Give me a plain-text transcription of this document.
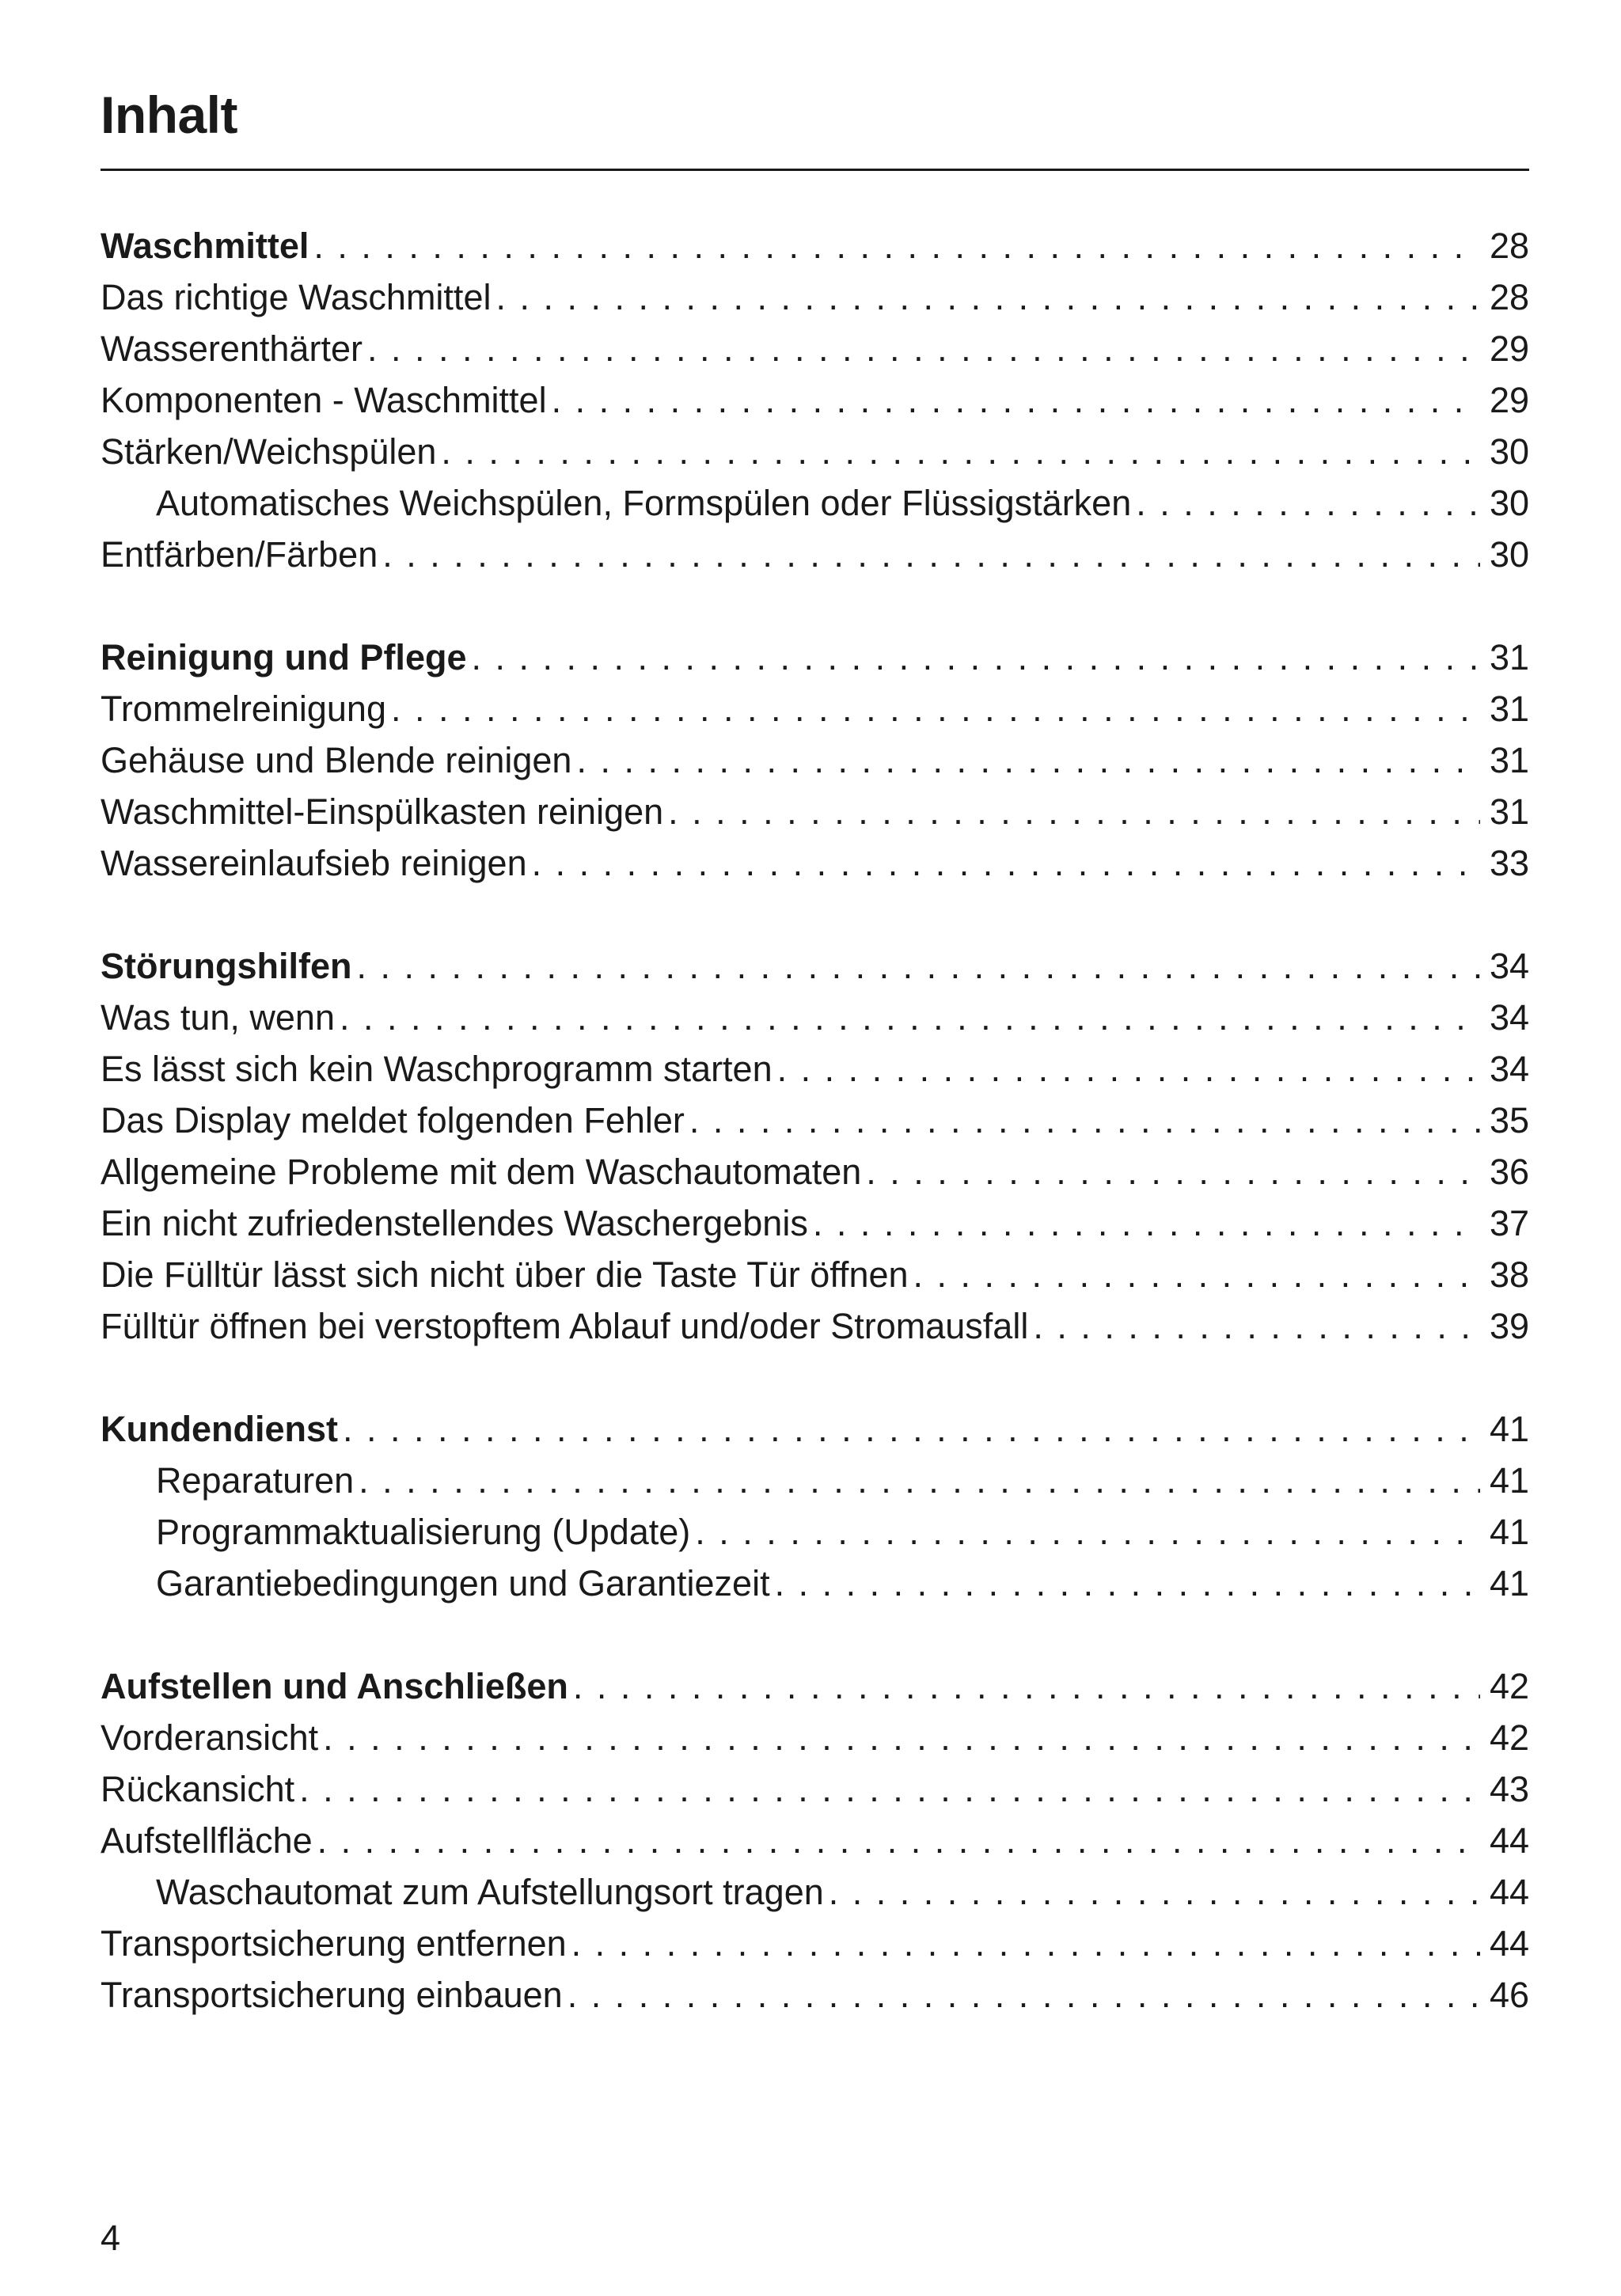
Inhalt
Waschmittel . . .	28
Das richtige Waschmittel . . .	28
Wasserenthärter . . .	29
Komponenten - Waschmittel . . .	29
Stärken/Weichspülen . . .	30
Automatisches Weichspülen, Formspülen oder Flüssigstärken . . .	30
Entfärben/Färben . . .	30
Reinigung und Pflege . . .	31
Trommelreinigung . . .	31
Gehäuse und Blende reinigen . . .	31
Waschmittel-Einspülkasten reinigen . . .	31
Wassereinlaufsieb reinigen . . .	33
Störungshilfen . . .	34
Was tun, wenn . . .	34
Es lässt sich kein Waschprogramm starten . . .	34
Das Display meldet folgenden Fehler . . .	35
Allgemeine Probleme mit dem Waschautomaten . . .	36
Ein nicht zufriedenstellendes Waschergebnis . . .	37
Die Fülltür lässt sich nicht über die Taste Tür öffnen . . .	38
Fülltür öffnen bei verstopftem Ablauf und/oder Stromausfall . . .	39
Kundendienst . . .	41
Reparaturen . . .	41
Programmaktualisierung (Update) . . .	41
Garantiebedingungen und Garantiezeit . . .	41
Aufstellen und Anschließen . . .	42
Vorderansicht . . .	42
Rückansicht . . .	43
Aufstellfläche . . .	44
Waschautomat zum Aufstellungsort tragen . . .	44
Transportsicherung entfernen . . .	44
Transportsicherung einbauen . . .	46
4
